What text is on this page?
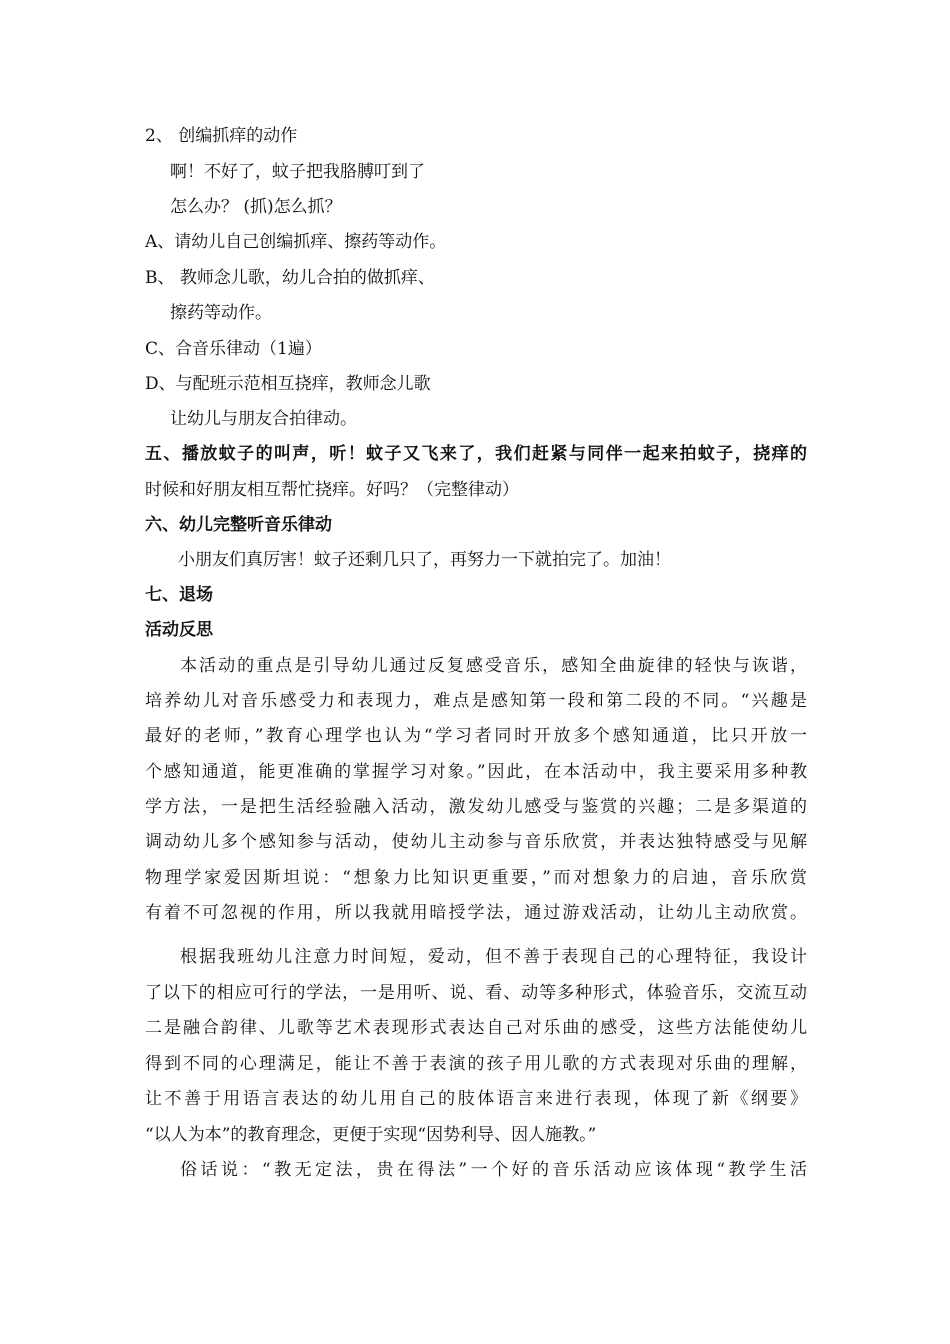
2、 创编抓痒的动作
啊！不好了，蚊子把我胳膊叮到了
怎么办？ (抓)怎么抓？
A、请幼儿自己创编抓痒、擦药等动作。
B、 教师念儿歌，幼儿合拍的做抓痒、
擦药等动作。
C、合音乐律动（1遍）
D、与配班示范相互挠痒，教师念儿歌
让幼儿与朋友合拍律动。
五、播放蚊子的叫声，听！蚊子又飞来了，我们赶紧与同伴一起来拍蚊子，挠痒的
时候和好朋友相互帮忙挠痒。好吗？（完整律动）
六、幼儿完整听音乐律动
小朋友们真厉害！蚊子还剩几只了，再努力一下就拍完了。加油！
七、退场
活动反思
本活动的重点是引导幼儿通过反复感受音乐，感知全曲旋律的轻快与诙谐，
培养幼儿对音乐感受力和表现力，难点是感知第一段和第二段的不同。“兴趣是
最好的老师，”教育心理学也认为“学习者同时开放多个感知通道，比只开放一
个感知通道，能更准确的掌握学习对象。”因此，在本活动中，我主要采用多种教
学方法，一是把生活经验融入活动，激发幼儿感受与鉴赏的兴趣；二是多渠道的
调动幼儿多个感知参与活动，使幼儿主动参与音乐欣赏，并表达独特感受与见解
物理学家爱因斯坦说：“想象力比知识更重要，”而对想象力的启迪，音乐欣赏
有着不可忽视的作用，所以我就用暗授学法，通过游戏活动，让幼儿主动欣赏。
根据我班幼儿注意力时间短，爱动，但不善于表现自己的心理特征，我设计
了以下的相应可行的学法，一是用听、说、看、动等多种形式，体验音乐，交流互动
二是融合韵律、儿歌等艺术表现形式表达自己对乐曲的感受，这些方法能使幼儿
得到不同的心理满足，能让不善于表演的孩子用儿歌的方式表现对乐曲的理解，
让不善于用语言表达的幼儿用自己的肢体语言来进行表现，体现了新《纲要》
“以人为本”的教育理念，更便于实现“因势利导、因人施教。”
俗话说：“教无定法，贵在得法”一个好的音乐活动应该体现“教学生活
